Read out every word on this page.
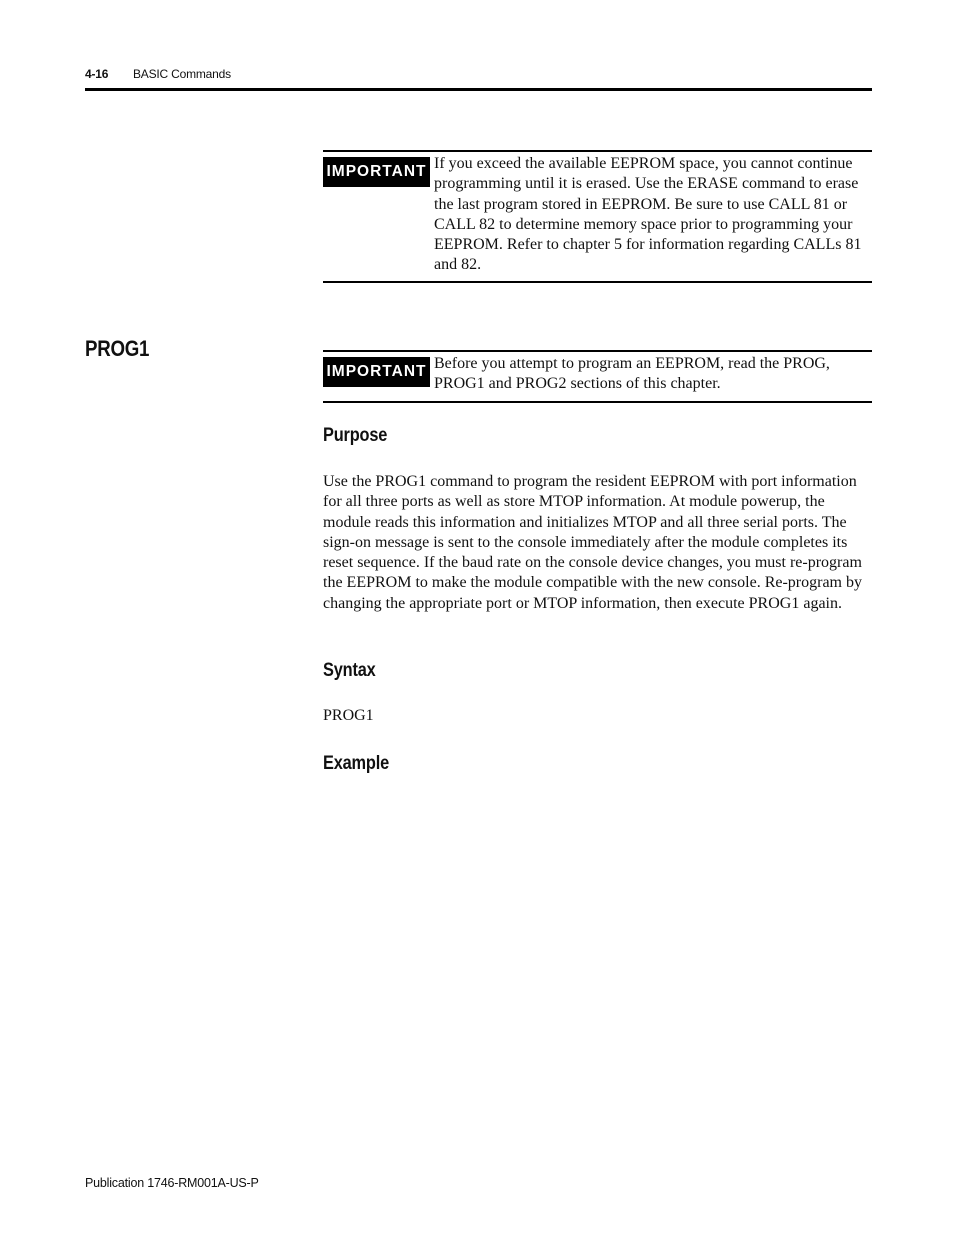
4-16 BASIC Commands
IMPORTANT If you exceed the available EEPROM space, you cannot continue programming until it is erased. Use the ERASE command to erase the last program stored in EEPROM. Be sure to use CALL 81 or CALL 82 to determine memory space prior to programming your EEPROM. Refer to chapter 5 for information regarding CALLs 81 and 82.
PROG1
IMPORTANT Before you attempt to program an EEPROM, read the PROG, PROG1 and PROG2 sections of this chapter.
Purpose
Use the PROG1 command to program the resident EEPROM with port information for all three ports as well as store MTOP information. At module powerup, the module reads this information and initializes MTOP and all three serial ports. The sign-on message is sent to the console immediately after the module completes its reset sequence. If the baud rate on the console device changes, you must re-program the EEPROM to make the module compatible with the new console. Re-program by changing the appropriate port or MTOP information, then execute PROG1 again.
Syntax
PROG1
Example
Publication 1746-RM001A-US-P
